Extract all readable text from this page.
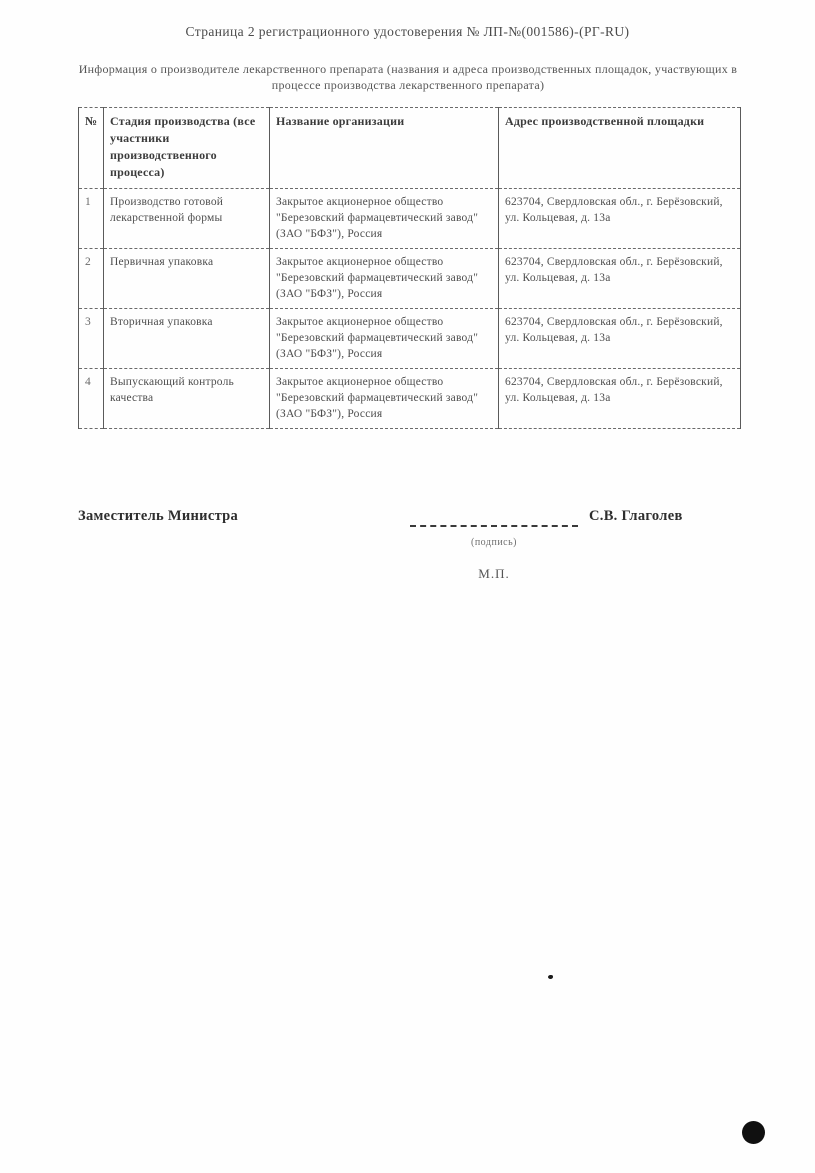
Страница 2 регистрационного удостоверения № ЛП-№(001586)-(РГ-RU)
Информация о производителе лекарственного препарата (названия и адреса производственных площадок, участвующих в процессе производства лекарственного препарата)
№	Стадия производства (все участники производственного процесса)	Название организации	Адрес производственной площадки
1	Производство готовой лекарственной формы	Закрытое акционерное общество "Березовский фармацевтический завод" (ЗАО "БФЗ"), Россия	623704, Свердловская обл., г. Берёзовский, ул. Кольцевая, д. 13а
2	Первичная упаковка	Закрытое акционерное общество "Березовский фармацевтический завод" (ЗАО "БФЗ"), Россия	623704, Свердловская обл., г. Берёзовский, ул. Кольцевая, д. 13а
3	Вторичная упаковка	Закрытое акционерное общество "Березовский фармацевтический завод" (ЗАО "БФЗ"), Россия	623704, Свердловская обл., г. Берёзовский, ул. Кольцевая, д. 13а
4	Выпускающий контроль качества	Закрытое акционерное общество "Березовский фармацевтический завод" (ЗАО "БФЗ"), Россия	623704, Свердловская обл., г. Берёзовский, ул. Кольцевая, д. 13а
Заместитель Министра	С.В. Глаголев
(подпись)
М.П.
